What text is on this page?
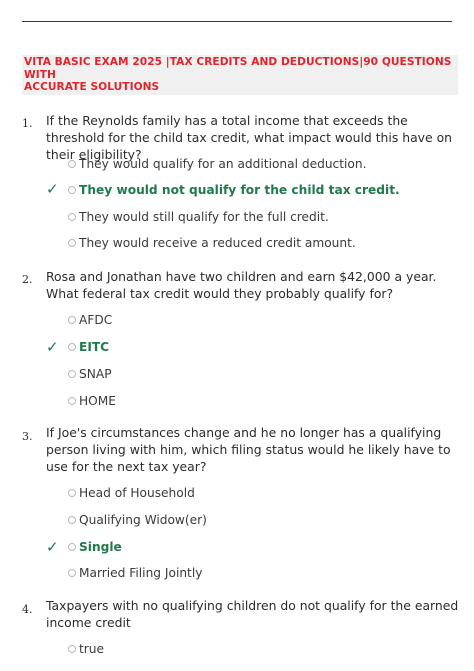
VITA BASIC EXAM 2025 |TAX CREDITS AND DEDUCTIONS|90 QUESTIONS WITH
ACCURATE SOLUTIONS
1. If the Reynolds family has a total income that exceeds the threshold for the child tax credit, what impact would this have on their eligibility?
They would qualify for an additional deduction.
✓ They would not qualify for the child tax credit.
They would still qualify for the full credit.
They would receive a reduced credit amount.
2. Rosa and Jonathan have two children and earn $42,000 a year. What federal tax credit would they probably qualify for?
AFDC
✓ EITC
SNAP
HOME
3. If Joe's circumstances change and he no longer has a qualifying person living with him, which filing status would he likely have to use for the next tax year?
Head of Household
Qualifying Widow(er)
✓ Single
Married Filing Jointly
4. Taxpayers with no qualifying children do not qualify for the earned income credit
true
